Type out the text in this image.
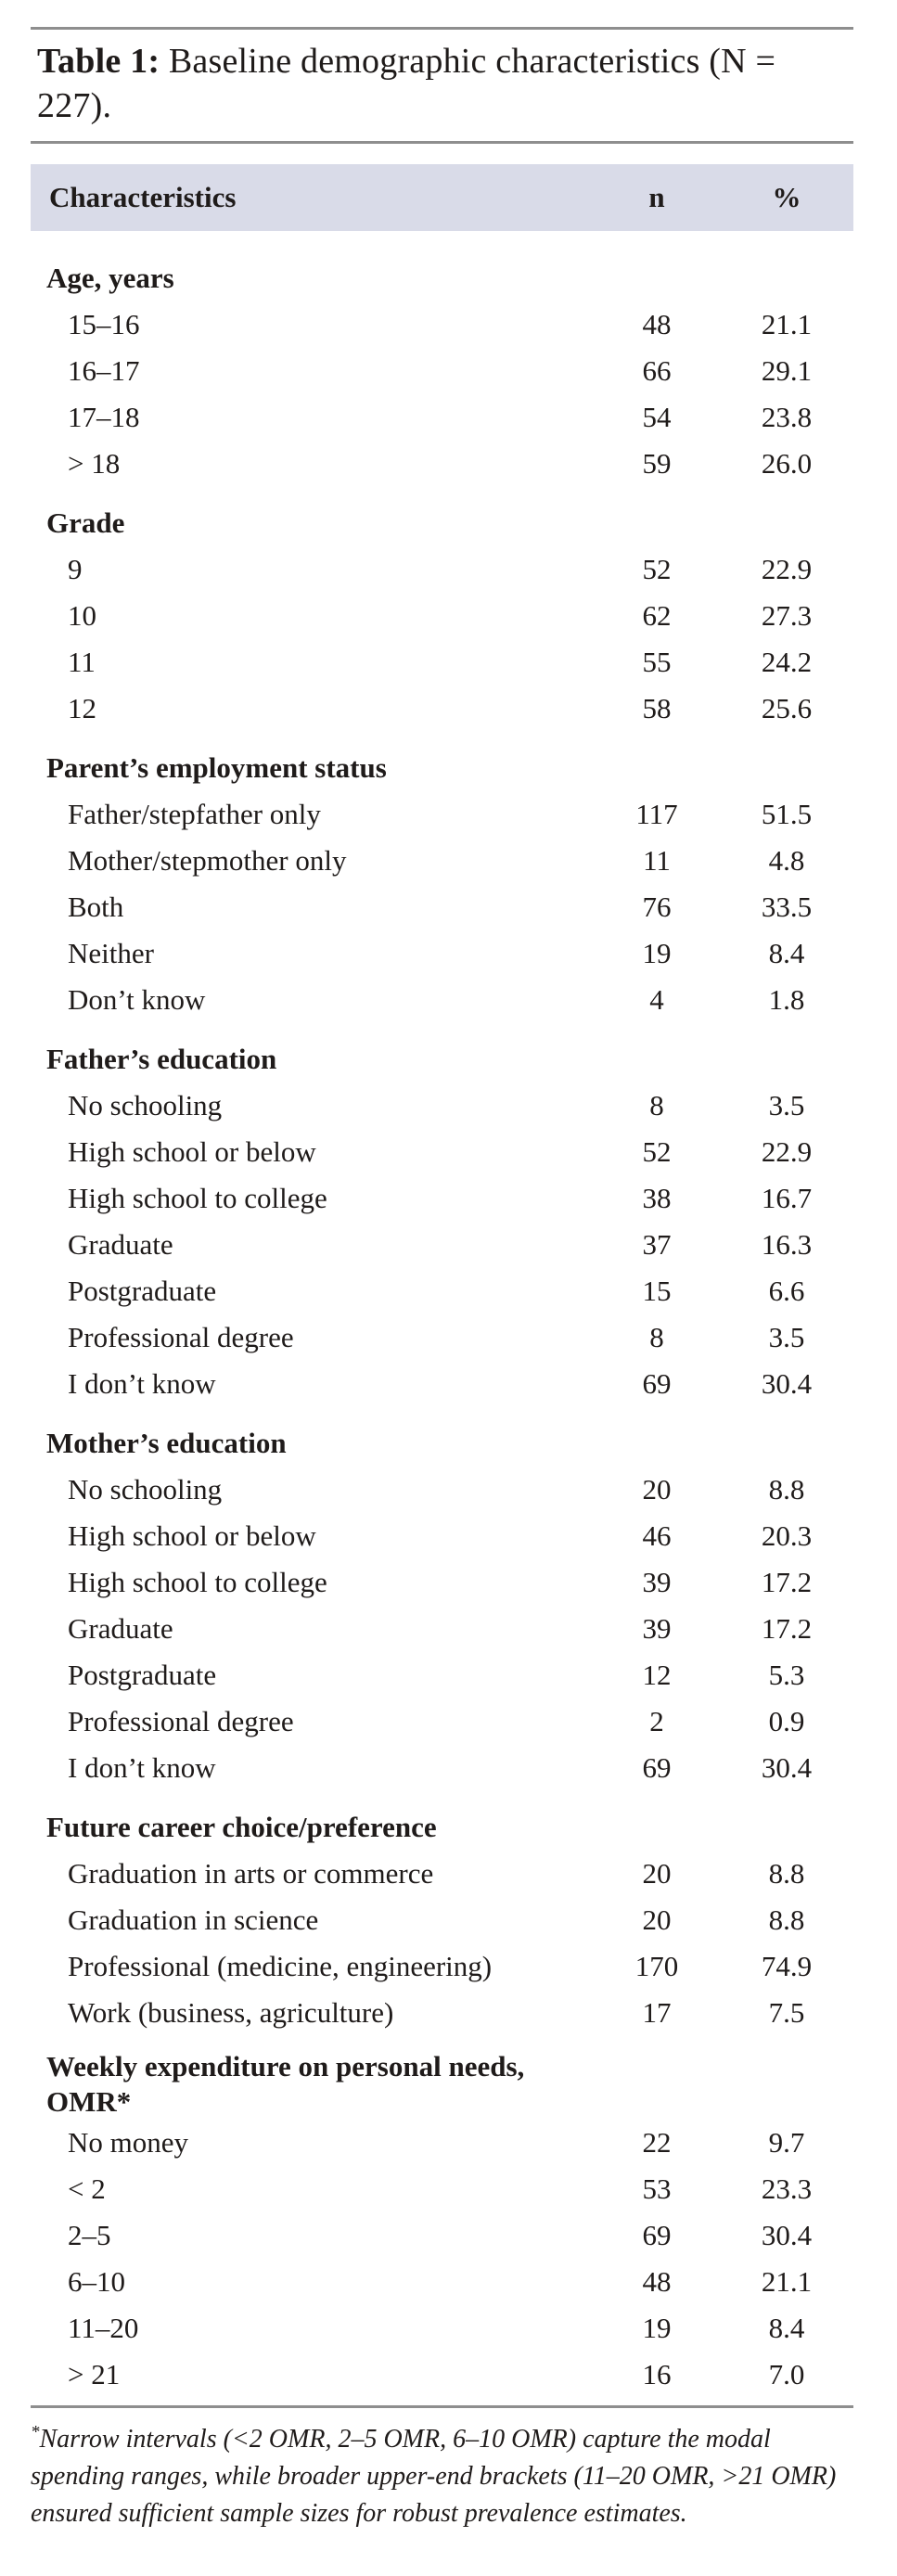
Table 1: Baseline demographic characteristics (N = 227).

Characteristics	n	%
Age, years
15–16	48	21.1
16–17	66	29.1
17–18	54	23.8
> 18	59	26.0
Grade
9	52	22.9
10	62	27.3
11	55	24.2
12	58	25.6
Parent’s employment status
Father/stepfather only	117	51.5
Mother/stepmother only	11	4.8
Both	76	33.5
Neither	19	8.4
Don’t know	4	1.8
Father’s education
No schooling	8	3.5
High school or below	52	22.9
High school to college	38	16.7
Graduate	37	16.3
Postgraduate	15	6.6
Professional degree	8	3.5
I don’t know	69	30.4
Mother’s education
No schooling	20	8.8
High school or below	46	20.3
High school to college	39	17.2
Graduate	39	17.2
Postgraduate	12	5.3
Professional degree	2	0.9
I don’t know	69	30.4
Future career choice/preference
Graduation in arts or commerce	20	8.8
Graduation in science	20	8.8
Professional (medicine, engineering)	170	74.9
Work (business, agriculture)	17	7.5
Weekly expenditure on personal needs, OMR*
No money	22	9.7
< 2	53	23.3
2–5	69	30.4
6–10	48	21.1
11–20	19	8.4
> 21	16	7.0

*Narrow intervals (<2 OMR, 2–5 OMR, 6–10 OMR) capture the modal spending ranges, while broader upper-end brackets (11–20 OMR, >21 OMR) ensured sufficient sample sizes for robust prevalence estimates.
